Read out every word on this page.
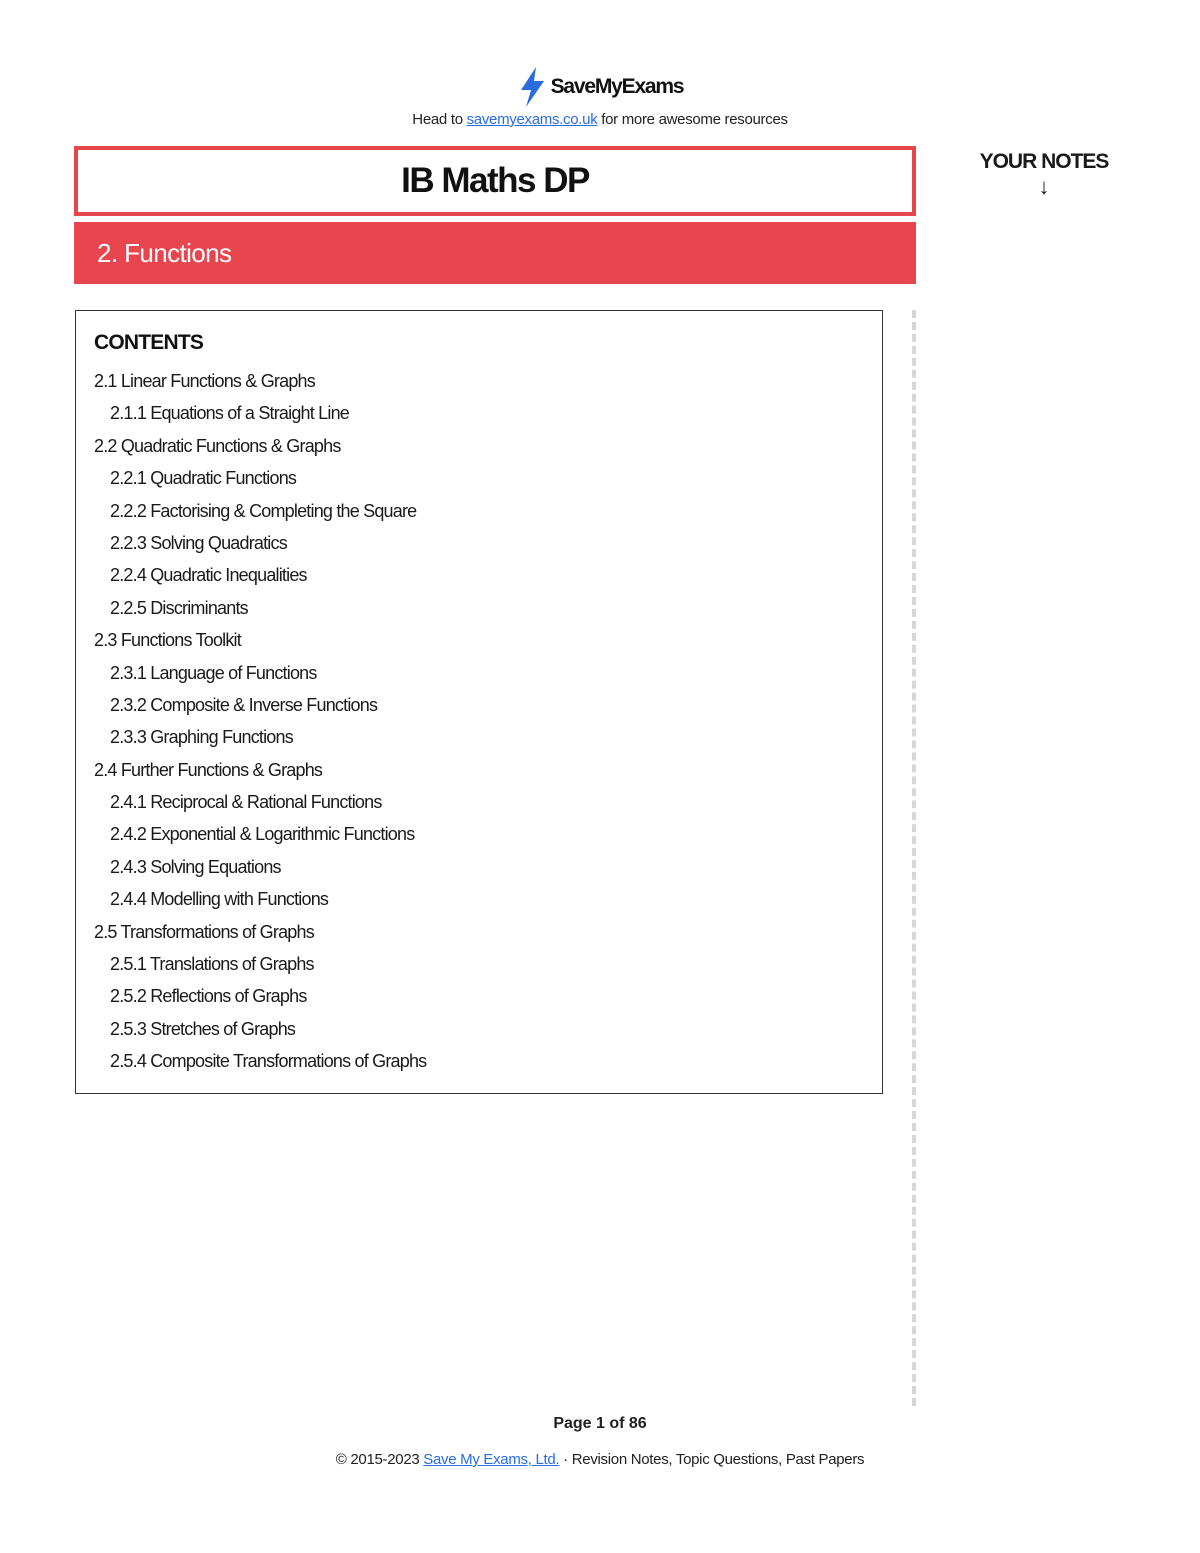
SaveMyExams
Head to savemyexams.co.uk for more awesome resources
IB Maths DP
2. Functions
YOUR NOTES
↓
CONTENTS
2.1 Linear Functions & Graphs
2.1.1 Equations of a Straight Line
2.2 Quadratic Functions & Graphs
2.2.1 Quadratic Functions
2.2.2 Factorising & Completing the Square
2.2.3 Solving Quadratics
2.2.4 Quadratic Inequalities
2.2.5 Discriminants
2.3 Functions Toolkit
2.3.1 Language of Functions
2.3.2 Composite & Inverse Functions
2.3.3 Graphing Functions
2.4 Further Functions & Graphs
2.4.1 Reciprocal & Rational Functions
2.4.2 Exponential & Logarithmic Functions
2.4.3 Solving Equations
2.4.4 Modelling with Functions
2.5 Transformations of Graphs
2.5.1 Translations of Graphs
2.5.2 Reflections of Graphs
2.5.3 Stretches of Graphs
2.5.4 Composite Transformations of Graphs
Page 1 of 86
© 2015-2023 Save My Exams, Ltd. · Revision Notes, Topic Questions, Past Papers
